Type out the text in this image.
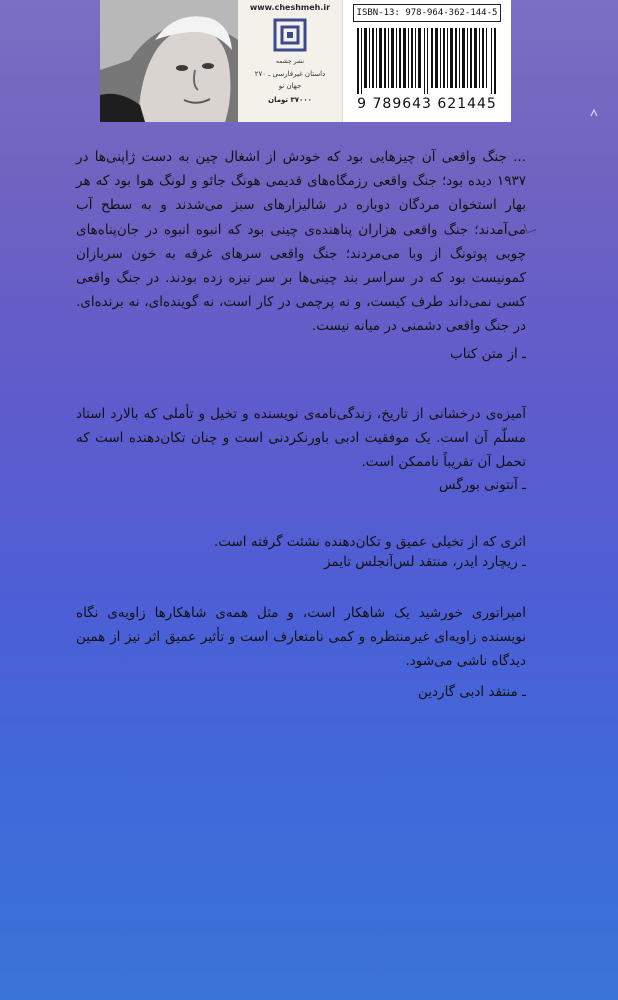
www.cheshmeh.ir
نشر چشمه
داستان غیرفارسی ـ ۲۷۰
جهان نو
۳۷۰۰۰ تومان
ISBN-13: 978-964-362-144-5
9 789643 621445
... جنگ واقعی آن چیزهایی بود که خودش از اشغال چین به دست ژاپنی‌ها در ۱۹۳۷ دیده بود؛ جنگ واقعی رزمگاه‌های قدیمی هونگ جائو و لونگ هوا بود که هر بهار استخوان مردگان دوباره در شالیزارهای سبز می‌شدند و به سطح آب می‌آمدند؛ جنگ واقعی هزاران پناهنده‌ی چینی بود که انبوه انبوه در جان‌پناه‌های چوبی پوتونگ از وبا می‌مردند؛ جنگ واقعی سرهای غرقه به خون سربازان کمونیست بود که در سراسر بند چینی‌ها بر سر نیزه زده بودند. در جنگ واقعی کسی نمی‌داند طرف کیست، و نه پرچمی در کار است، نه گوینده‌ای، نه برنده‌ای. در جنگ واقعی دشمنی در میانه نیست.
ـ از متن کتاب
آمیزه‌ی درخشانی از تاریخ، زندگی‌نامه‌ی نویسنده و تخیل و تأملی که بالارد استاد مسلّم آن است. یک موفقیت ادبی باورنکردنی است و چنان تکان‌دهنده است که تحمل آن تقریباً ناممکن است.
ـ آنتونی بورگس
اثری که از تخیلی عمیق و تکان‌دهنده نشئت گرفته است.
ـ ریچارد ایدر، منتقد لس‌آنجلس تایمز
امپراتوری خورشید یک شاهکار است، و مثل همه‌ی شاهکارها زاویه‌ی نگاه نویسنده زاویه‌ای غیرمنتظره و کمی نامتعارف است و تأثیر عمیق اثر نیز از همین دیدگاه ناشی می‌شود.
ـ منتقد ادبی گاردین
